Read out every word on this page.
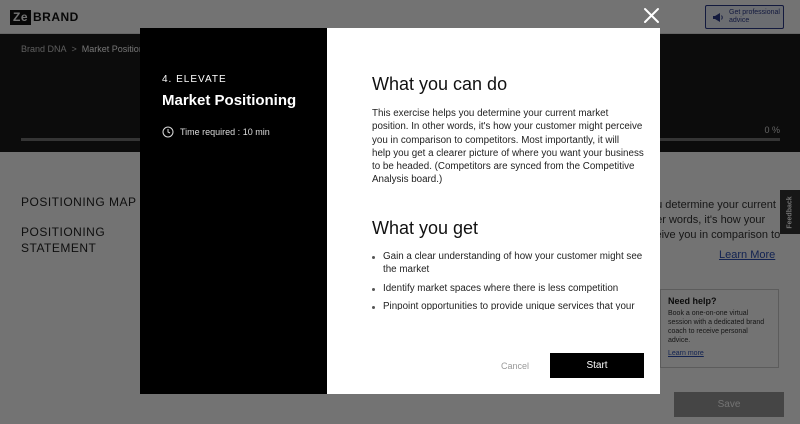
4. ELEVATE
Market Positioning
Time required : 10 min
What you can do
This exercise helps you determine your current market
position. In other words, it's how your customer might perceive
you in comparison to competitors. Most importantly, it will
help you get a clearer picture of where you want your business
to be headed. (Competitors are synced from the Competitive
Analysis board.)
What you get
Gain a clear understanding of how your customer might see
the market
Identify market spaces where there is less competition
Pinpoint opportunities to provide unique services that your
Cancel	Start
